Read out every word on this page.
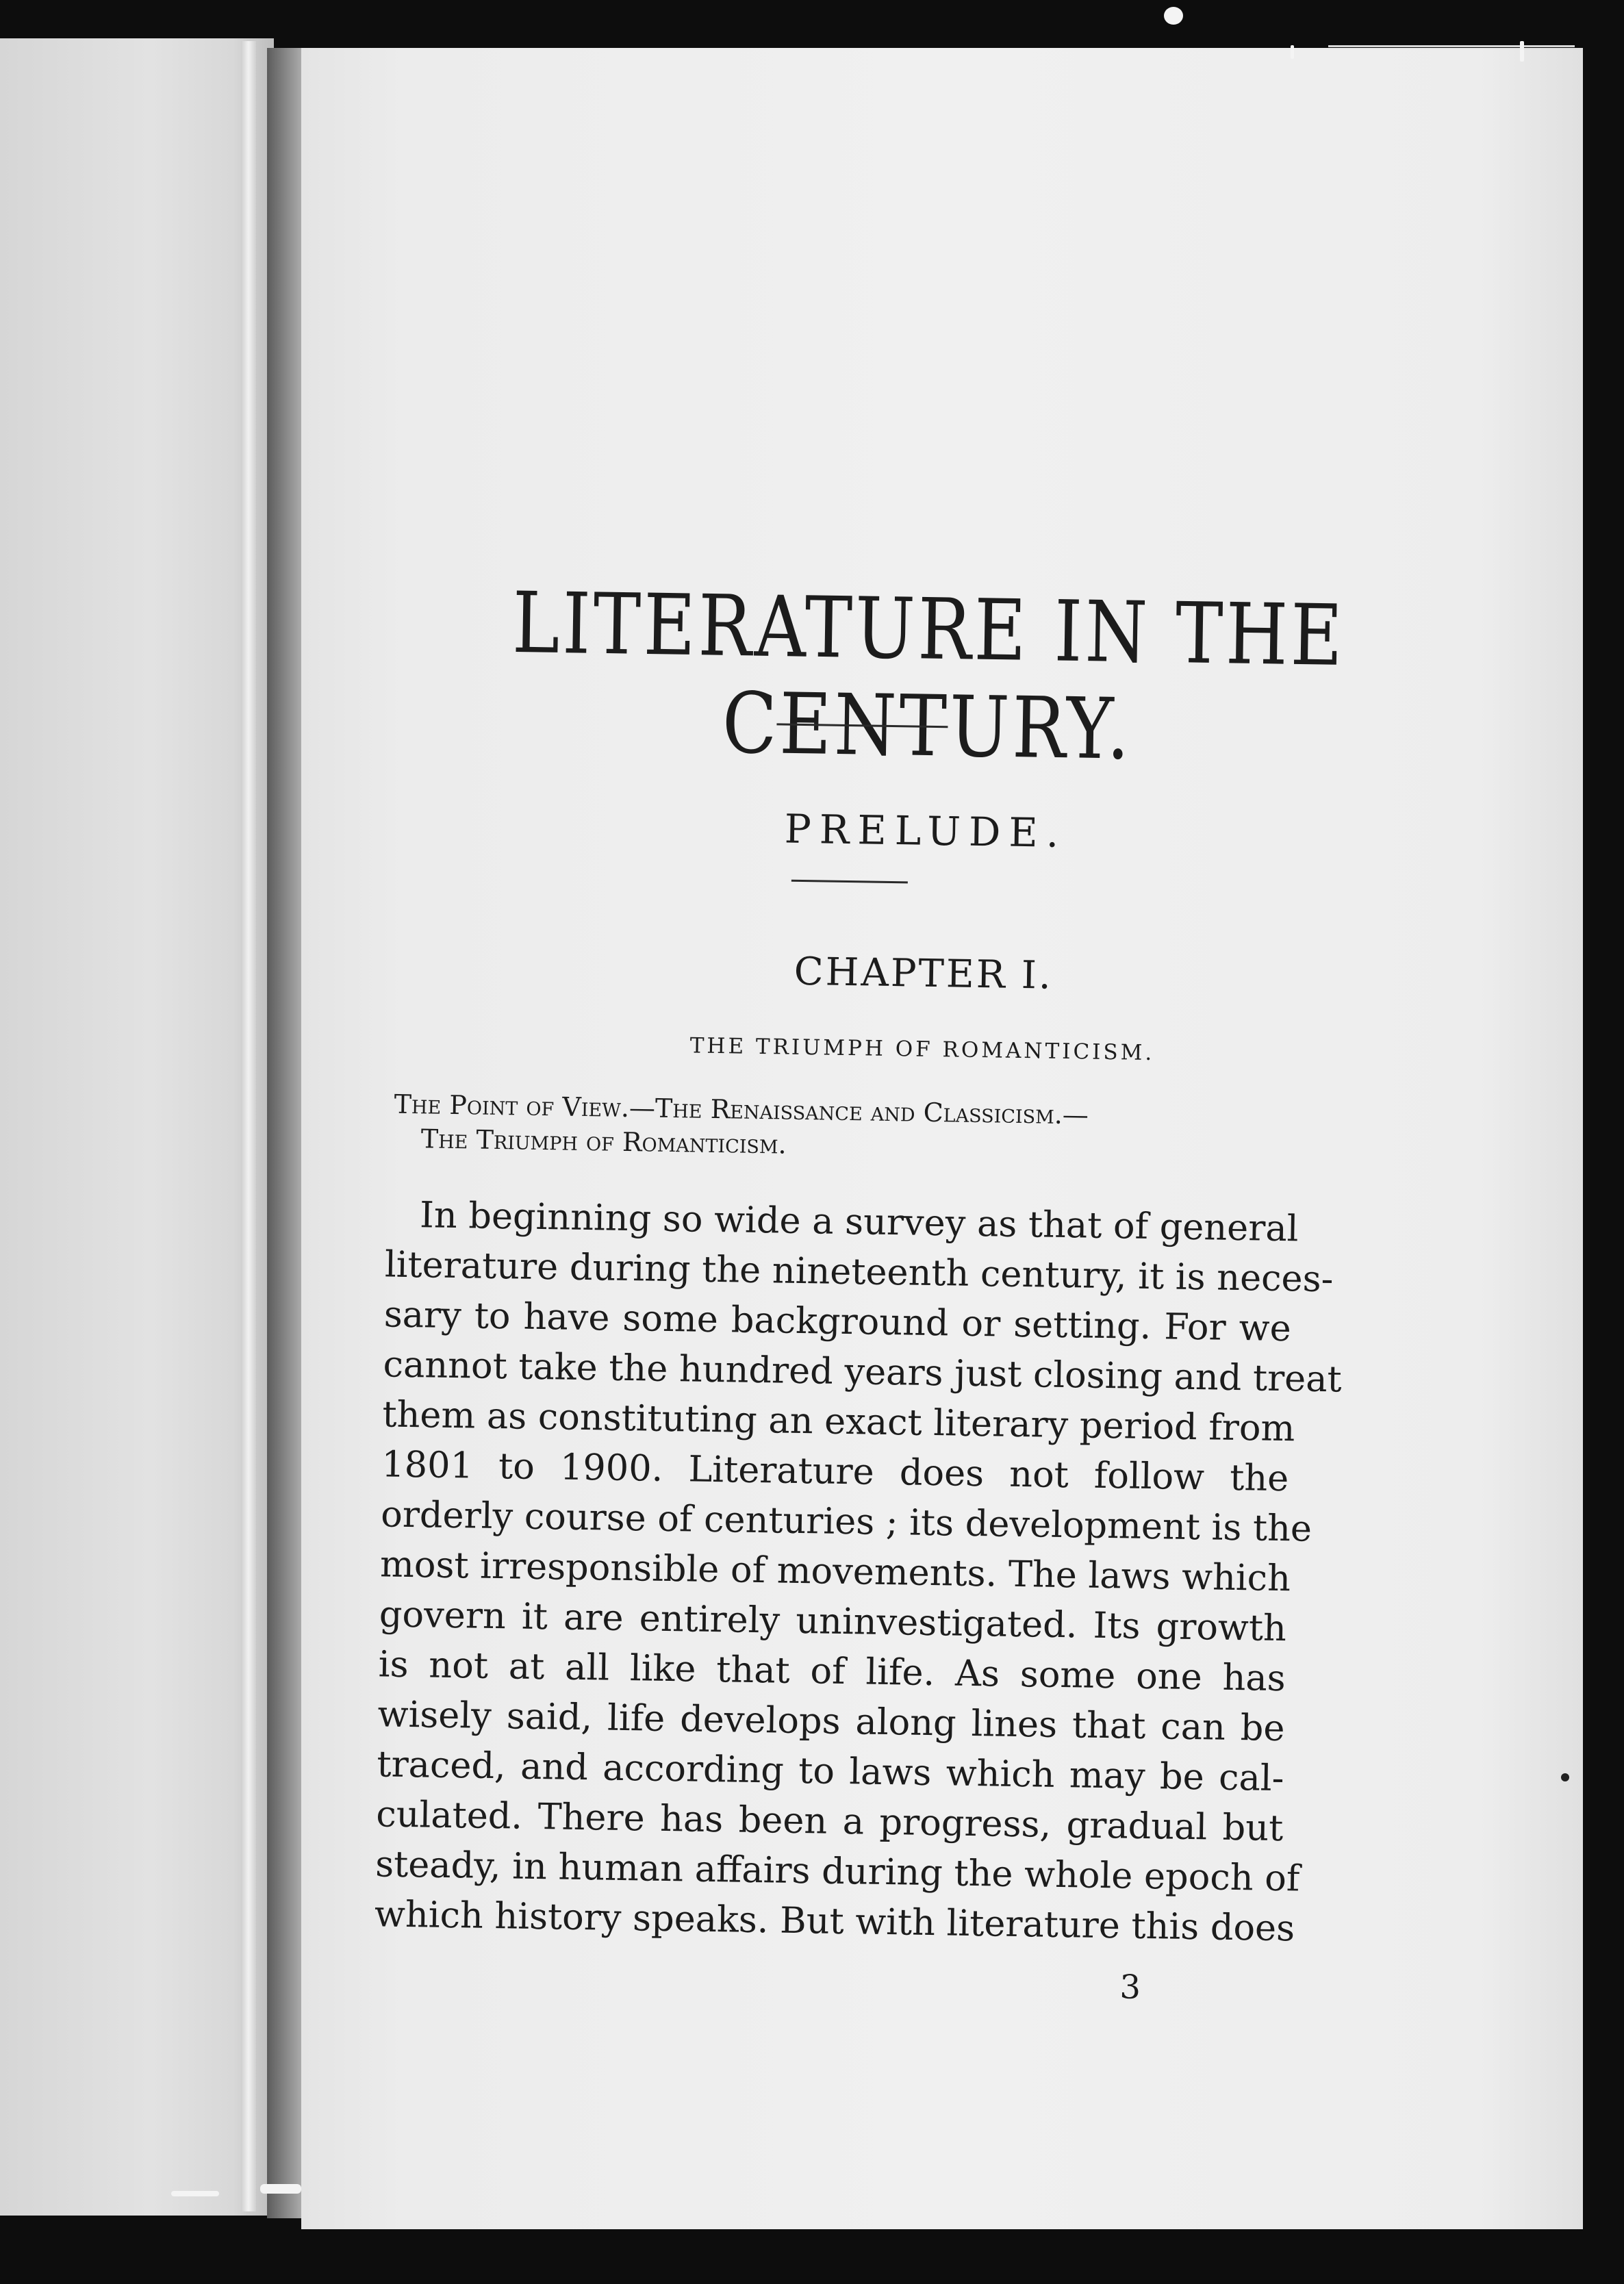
LITERATURE IN THE CENTURY.
PRELUDE.
CHAPTER I.
THE TRIUMPH OF ROMANTICISM.
The Point of View.—The Renaissance and Classicism.—
The Triumph of Romanticism.
In beginning so wide a survey as that of general
literature during the nineteenth century, it is neces-
sary to have some background or setting. For we
cannot take the hundred years just closing and treat
them as constituting an exact literary period from
1801 to 1900. Literature does not follow the
orderly course of centuries ; its development is the
most irresponsible of movements. The laws which
govern it are entirely uninvestigated. Its growth
is not at all like that of life. As some one has
wisely said, life develops along lines that can be
traced, and according to laws which may be cal-
culated. There has been a progress, gradual but
steady, in human affairs during the whole epoch of
which history speaks. But with literature this does
3
